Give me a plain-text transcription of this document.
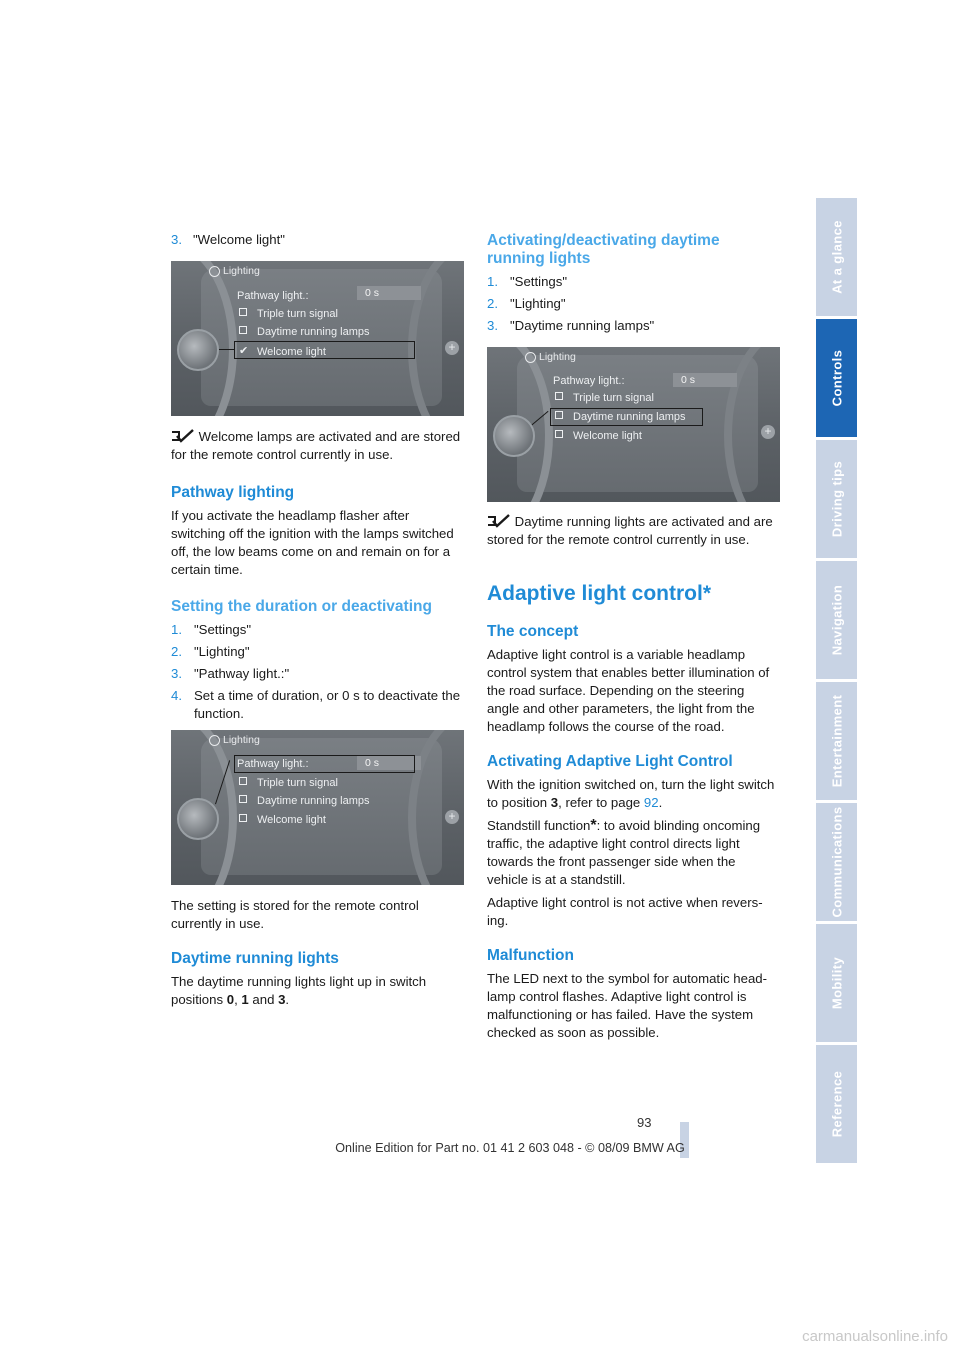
3. "Welcome light"

Lighting
Pathway light.:	0 s
Triple turn signal
Daytime running lamps
✔ Welcome light	+

Welcome lamps are activated and are stored for the remote control currently in use.

Pathway lighting

If you activate the headlamp flasher after switching off the ignition with the lamps switched off, the low beams come on and remain on for a certain time.

Setting the duration or deactivating
1. "Settings"
2. "Lighting"
3. "Pathway light.:"
4. Set a time of duration, or 0 s to deactivate the function.
Lighting
Pathway light.:	0 s
Triple turn signal
Daytime running lamps
Welcome light	+

The setting is stored for the remote control currently in use.

Daytime running lights

The daytime running lights light up in switch positions 0, 1 and 3.

Activating/deactivating daytime running lights
1. "Settings"
2. "Lighting"
3. "Daytime running lamps"
Lighting
Pathway light.:	0 s
Triple turn signal
Daytime running lamps
Welcome light	+

Daytime running lights are activated and are stored for the remote control currently in use.

Adaptive light control*
The concept

Adaptive light control is a variable headlamp control system that enables better illumination of the road surface. Depending on the steering angle and other parameters, the light from the headlamp follows the course of the road.

Activating Adaptive Light Control

With the ignition switched on, turn the light switch to position 3, refer to page 92.

Standstill function*: to avoid blinding oncoming traffic, the adaptive light control directs light towards the front passenger side when the vehicle is at a standstill.

Adaptive light control is not active when revers-ing.

Malfunction

The LED next to the symbol for automatic head-lamp control flashes. Adaptive light control is malfunctioning or has failed. Have the system checked as soon as possible.

At a glance
Controls
Driving tips
Navigation
Entertainment
Communications
Mobility
Reference
93
Online Edition for Part no. 01 41 2 603 048 - © 08/09 BMW AG
carmanualsonline.info
